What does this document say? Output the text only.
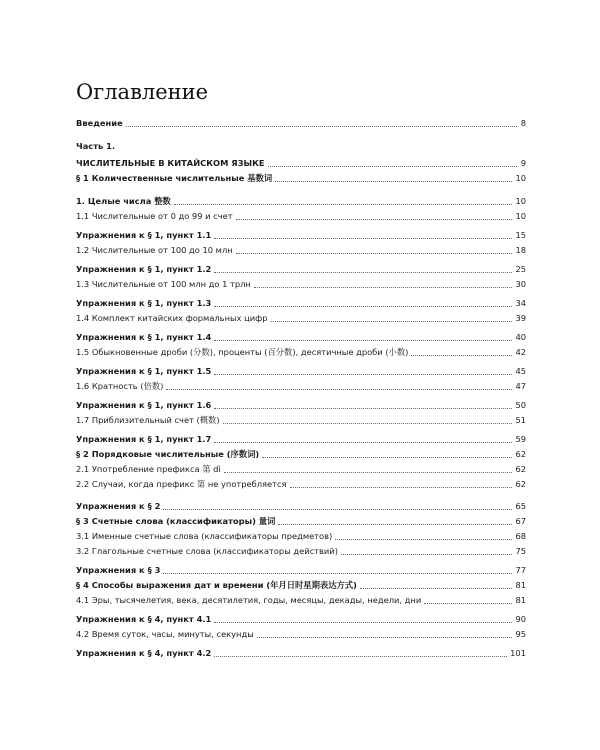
Оглавление
Введение	8
Часть 1.
ЧИСЛИТЕЛЬНЫЕ В КИТАЙСКОМ ЯЗЫКЕ	9
§ 1 Количественные числительные 基数词	10
1. Целые числа 整数	10
1.1 Числительные от 0 до 99 и счет	10
Упражнения к § 1, пункт 1.1	15
1.2 Числительные от 100 до 10 млн	18
Упражнения к § 1, пункт 1.2	25
1.3 Числительные от 100 млн до 1 трлн	30
Упражнения к § 1, пункт 1.3	34
1.4 Комплект китайских формальных цифр	39
Упражнения к § 1, пункт 1.4	40
1.5 Обыкновенные дроби (分数), проценты (百分数), десятичные дроби (小数)	42
Упражнения к § 1, пункт 1.5	45
1.6 Кратность (倍数)	47
Упражнения к § 1, пункт 1.6	50
1.7 Приблизительный счет (概数)	51
Упражнения к § 1, пункт 1.7	59
§ 2 Порядковые числительные (序数词)	62
2.1 Употребление префикса 第 dì	62
2.2 Случаи, когда префикс 第 не употребляется	62
Упражнения к § 2	65
§ 3 Счетные слова (классификаторы) 量词	67
3.1 Именные счетные слова (классификаторы предметов)	68
3.2 Глагольные счетные слова (классификаторы действий)	75
Упражнения к § 3	77
§ 4 Способы выражения дат и времени (年月日时星期表达方式)	81
4.1 Эры, тысячелетия, века, десятилетия, годы, месяцы, декады, недели, дни	81
Упражнения к § 4, пункт 4.1	90
4.2 Время суток, часы, минуты, секунды	95
Упражнения к § 4, пункт 4.2	101
